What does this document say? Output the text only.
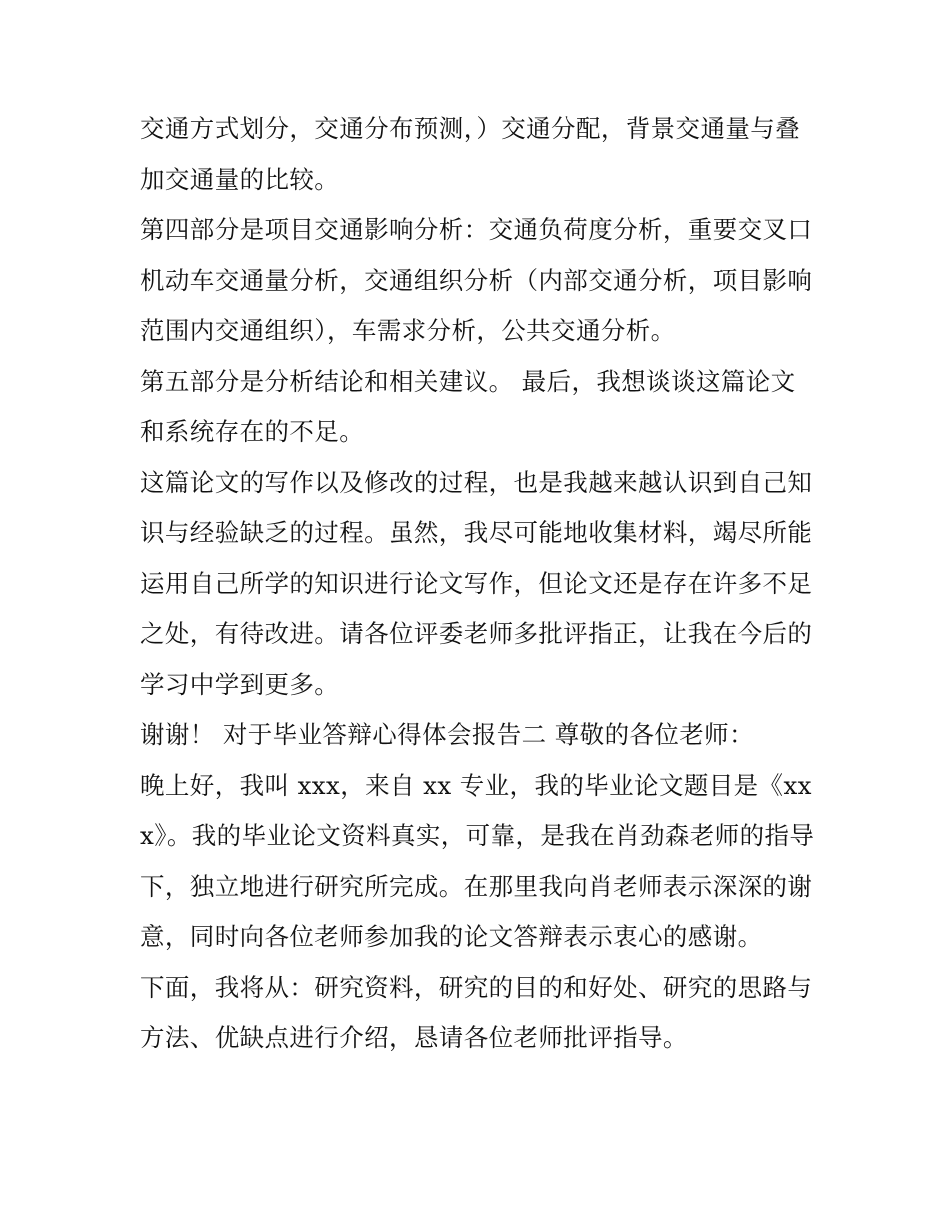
交通方式划分，交通分布预测，）交通分配，背景交通量与叠加交通量的比较。

第四部分是项目交通影响分析：交通负荷度分析，重要交叉口机动车交通量分析，交通组织分析（内部交通分析，项目影响范围内交通组织），车需求分析，公共交通分析。

第五部分是分析结论和相关建议。 最后，我想谈谈这篇论文和系统存在的不足。

这篇论文的写作以及修改的过程，也是我越来越认识到自己知识与经验缺乏的过程。虽然，我尽可能地收集材料，竭尽所能运用自己所学的知识进行论文写作，但论文还是存在许多不足之处，有待改进。请各位评委老师多批评指正，让我在今后的学习中学到更多。

谢谢！ 对于毕业答辩心得体会报告二 尊敬的各位老师：

晚上好，我叫 xxx，来自 xx 专业，我的毕业论文题目是《xxx》。我的毕业论文资料真实，可靠，是我在肖劲森老师的指导下，独立地进行研究所完成。在那里我向肖老师表示深深的谢意，同时向各位老师参加我的论文答辩表示衷心的感谢。

下面，我将从：研究资料，研究的目的和好处、研究的思路与方法、优缺点进行介绍，恳请各位老师批评指导。
